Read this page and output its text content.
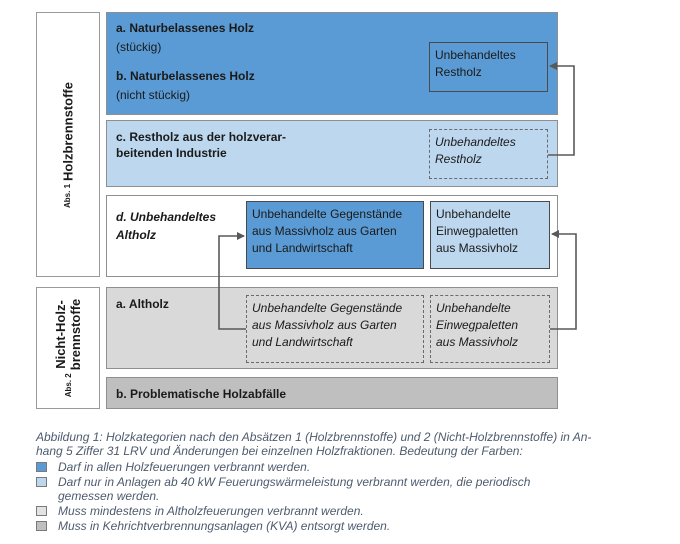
Abs. 1Holzbrennstoffe
Abs. 2
Nicht-Holz- brennstoffe
a. Naturbelassenes Holz
(stückig)
b. Naturbelassenes Holz
(nicht stückig)
Unbehandeltes
Restholz
c. Restholz aus der holzverar-
beitenden Industrie
Unbehandeltes
Restholz
d. Unbehandeltes
Altholz
Unbehandelte Gegenstände
aus Massivholz aus Garten
und Landwirtschaft
Unbehandelte
Einwegpaletten
aus Massivholz
a. Altholz	Unbehandelte Gegenstände
aus Massivholz aus Garten
und Landwirtschaft
Unbehandelte
Einwegpaletten
aus Massivholz
b. Problematische Holzabfälle
Abbildung 1: Holzkategorien nach den Absätzen 1 (Holzbrennstoffe) und 2 (Nicht-Holzbrennstoffe) in An-
hang 5 Ziffer 31 LRV und Änderungen bei einzelnen Holzfraktionen. Bedeutung der Farben:
Darf in allen Holzfeuerungen verbrannt werden.
Darf nur in Anlagen ab 40 kW Feuerungswärmeleistung verbrannt werden, die periodisch
gemessen werden.
Muss mindestens in Altholzfeuerungen verbrannt werden.
Muss in Kehrichtverbrennungsanlagen (KVA) entsorgt werden.
